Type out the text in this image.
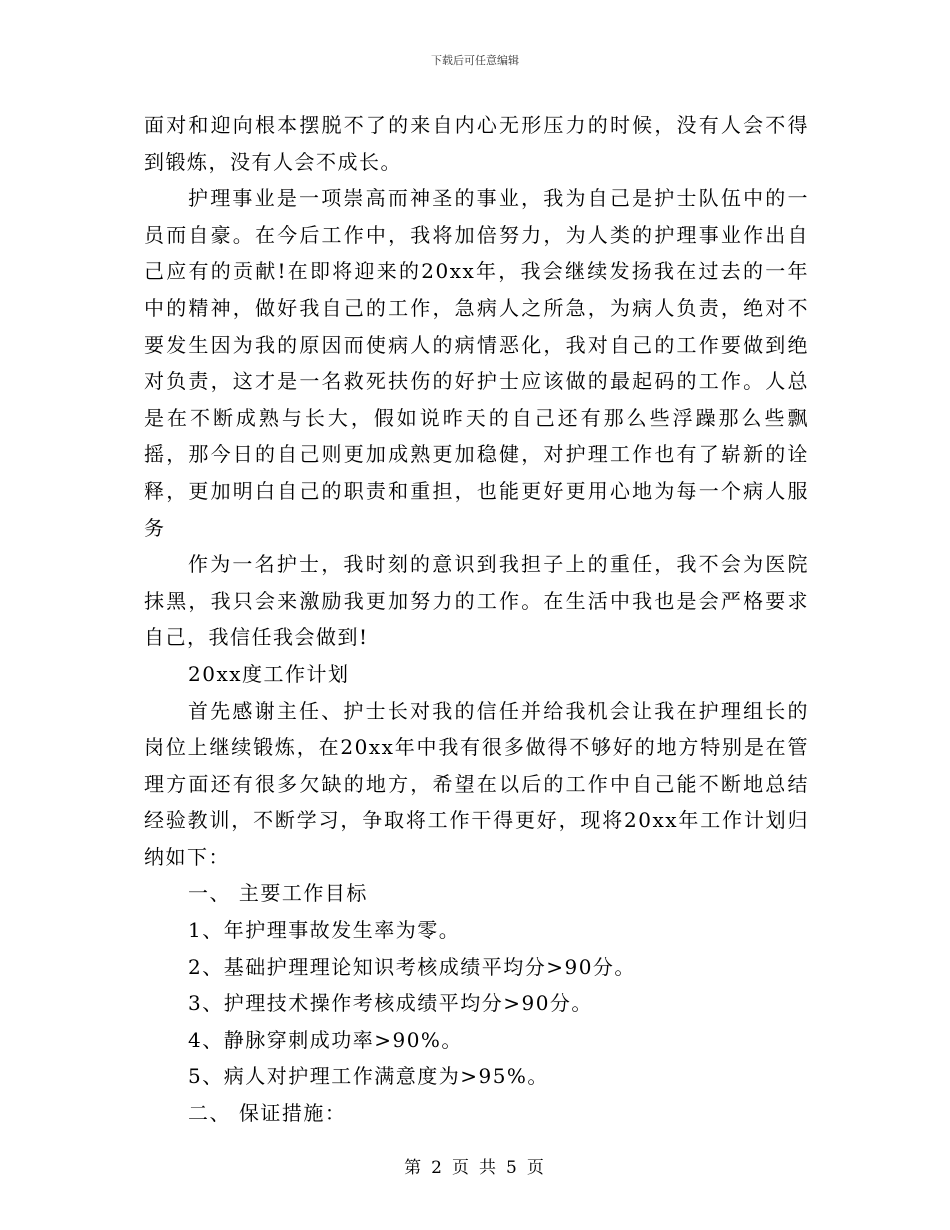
下载后可任意编辑

面对和迎向根本摆脱不了的来自内心无形压力的时候，没有人会不得到锻炼，没有人会不成长。

护理事业是一项崇高而神圣的事业，我为自己是护士队伍中的一员而自豪。在今后工作中，我将加倍努力，为人类的护理事业作出自己应有的贡献!在即将迎来的20xx年，我会继续发扬我在过去的一年中的精神，做好我自己的工作，急病人之所急，为病人负责，绝对不要发生因为我的原因而使病人的病情恶化，我对自己的工作要做到绝对负责，这才是一名救死扶伤的好护士应该做的最起码的工作。人总是在不断成熟与长大，假如说昨天的自己还有那么些浮躁那么些飘摇，那今日的自己则更加成熟更加稳健，对护理工作也有了崭新的诠释，更加明白自己的职责和重担，也能更好更用心地为每一个病人服务

作为一名护士，我时刻的意识到我担子上的重任，我不会为医院抹黑，我只会来激励我更加努力的工作。在生活中我也是会严格要求自己，我信任我会做到!

20xx度工作计划

首先感谢主任、护士长对我的信任并给我机会让我在护理组长的岗位上继续锻炼，在20xx年中我有很多做得不够好的地方特别是在管理方面还有很多欠缺的地方，希望在以后的工作中自己能不断地总结经验教训，不断学习，争取将工作干得更好，现将20xx年工作计划归纳如下：

一、 主要工作目标

1、年护理事故发生率为零。

2、基础护理理论知识考核成绩平均分>90分。

3、护理技术操作考核成绩平均分>90分。

4、静脉穿刺成功率>90%。

5、病人对护理工作满意度为>95%。

二、 保证措施：

第 2 页 共 5 页
